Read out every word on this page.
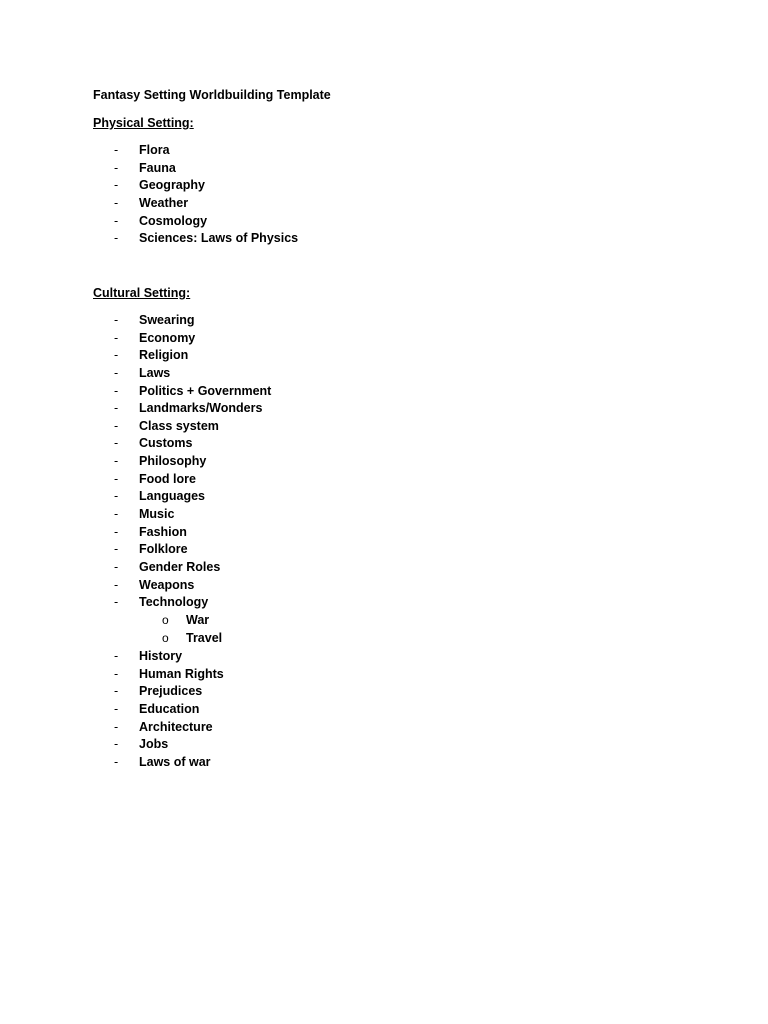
Fantasy Setting Worldbuilding Template
Physical Setting:
- Flora
- Fauna
- Geography
- Weather
- Cosmology
- Sciences: Laws of Physics
Cultural Setting:
- Swearing
- Economy
- Religion
- Laws
- Politics + Government
- Landmarks/Wonders
- Class system
- Customs
- Philosophy
- Food lore
- Languages
- Music
- Fashion
- Folklore
- Gender Roles
- Weapons
- Technology
o War
o Travel
- History
- Human Rights
- Prejudices
- Education
- Architecture
- Jobs
- Laws of war
